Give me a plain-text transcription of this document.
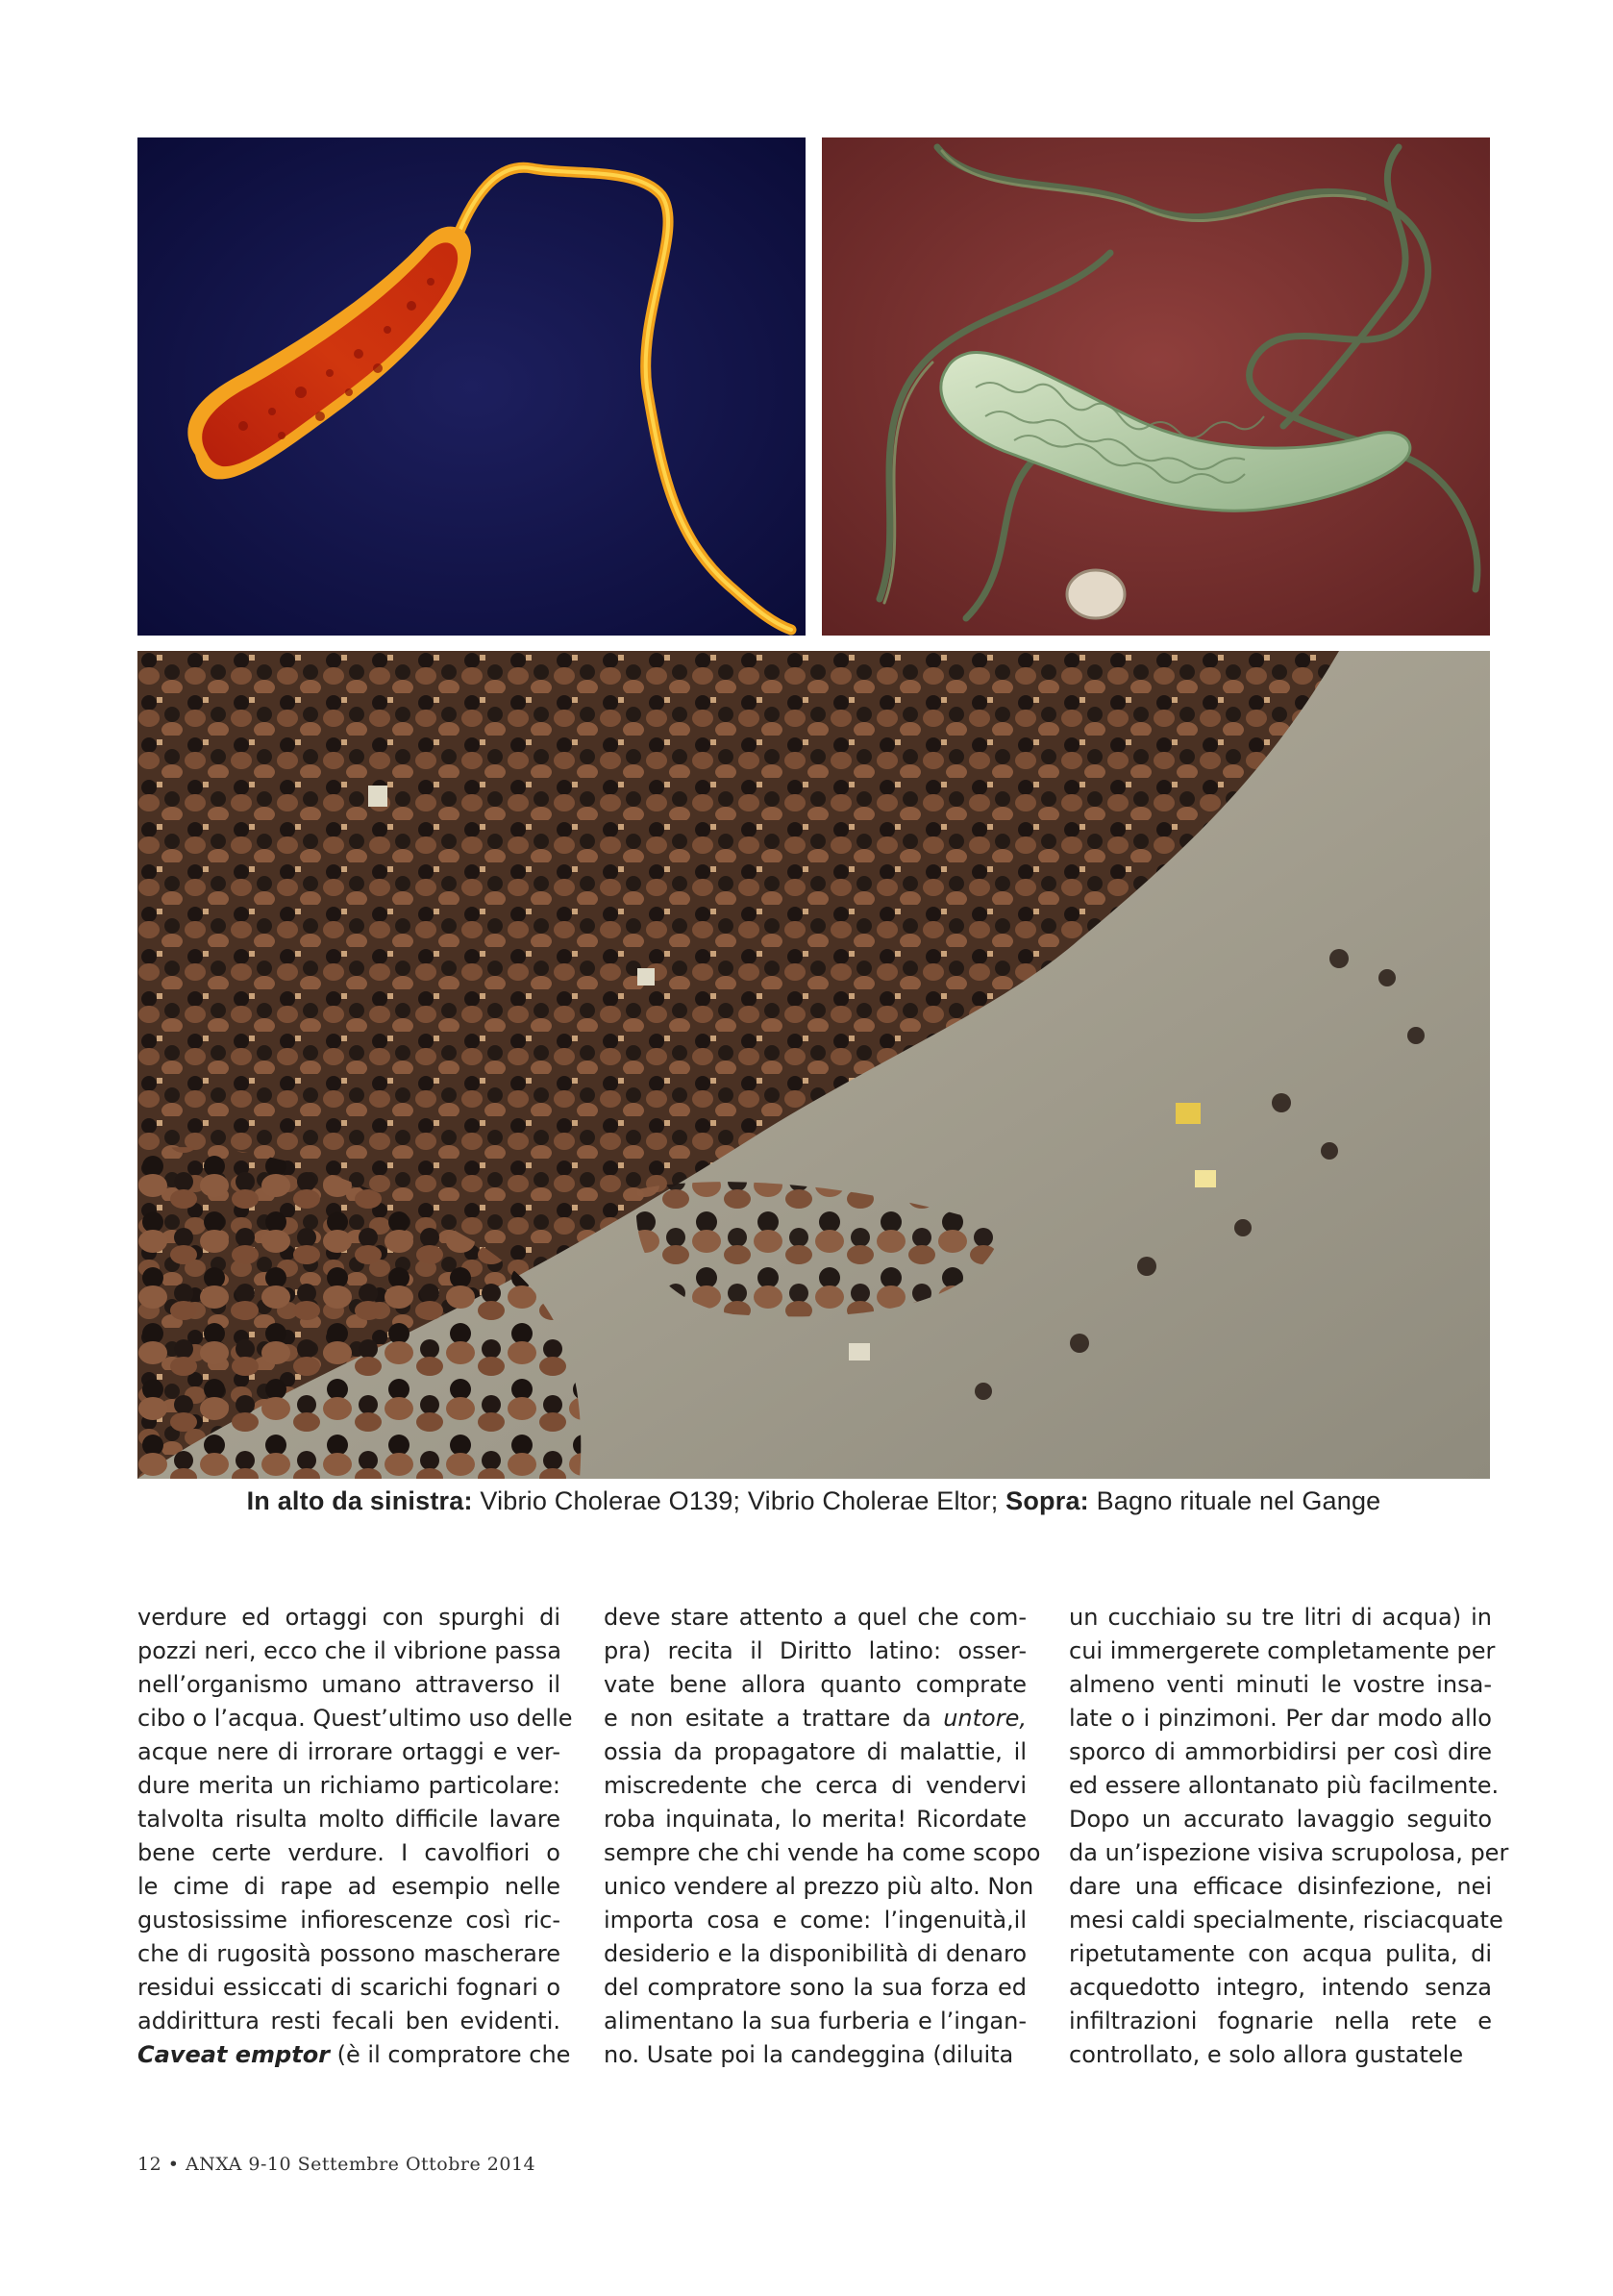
In alto da sinistra: Vibrio Cholerae O139; Vibrio Cholerae Eltor; Sopra: Bagno rituale nel Gange
verdure ed ortaggi con spurghi di
pozzi neri, ecco che il vibrione passa
nell’organismo umano attraverso il
cibo o l’acqua. Quest’ultimo uso delle
acque nere di irrorare ortaggi e ver-
dure merita un richiamo particolare:
talvolta risulta molto difficile lavare
bene certe verdure. I cavolfiori o
le cime di rape ad esempio nelle
gustosissime infiorescenze così ric-
che di rugosità possono mascherare
residui essiccati di scarichi fognari o
addirittura resti fecali ben evidenti.
Caveat emptor (è il compratore che
deve stare attento a quel che com-
pra) recita il Diritto latino: osser-
vate bene allora quanto comprate
e non esitate a trattare da untore,
ossia da propagatore di malattie, il
miscredente che cerca di vendervi
roba inquinata, lo merita! Ricordate
sempre che chi vende ha come scopo
unico vendere al prezzo più alto. Non
importa cosa e come: l’ingenuità,il
desiderio e la disponibilità di denaro
del compratore sono la sua forza ed
alimentano la sua furberia e l’ingan-
no. Usate poi la candeggina (diluita
un cucchiaio su tre litri di acqua) in
cui immergerete completamente per
almeno venti minuti le vostre insa-
late o i pinzimoni. Per dar modo allo
sporco di ammorbidirsi per così dire
ed essere allontanato più facilmente.
Dopo un accurato lavaggio seguito
da un’ispezione visiva scrupolosa, per
dare una efficace disinfezione, nei
mesi caldi specialmente, risciacquate
ripetutamente con acqua pulita, di
acquedotto integro, intendo senza
infiltrazioni fognarie nella rete e
controllato, e solo allora gustatele
12 • ANXA 9-10 Settembre Ottobre 2014
